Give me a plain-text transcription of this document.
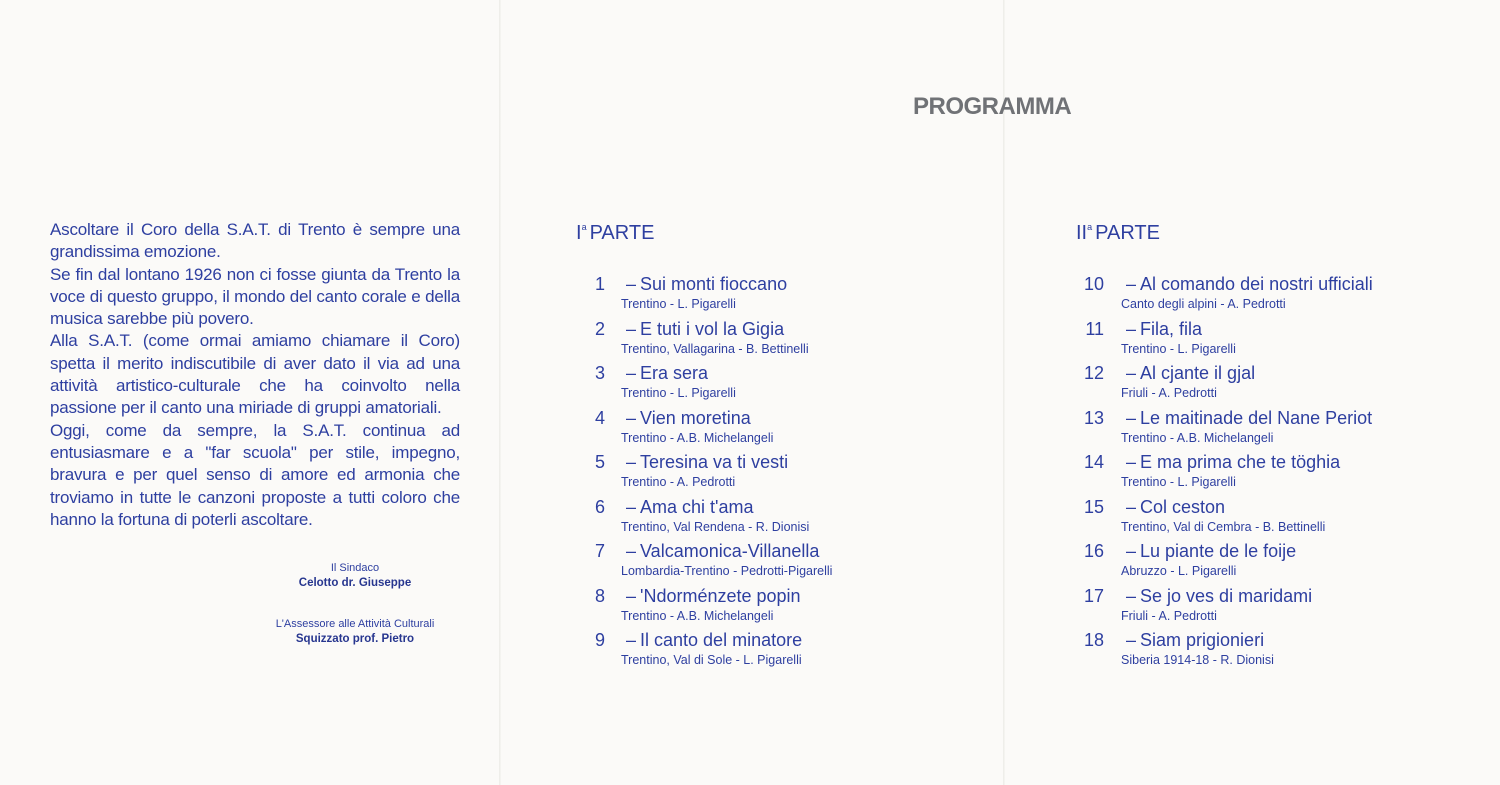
Ascoltare il Coro della S.A.T. di Trento è sempre una grandissima emozione.

Se fin dal lontano 1926 non ci fosse giunta da Trento la voce di questo gruppo, il mondo del canto corale e della musica sarebbe più povero.

Alla S.A.T. (come ormai amiamo chiamare il Coro) spetta il merito indiscutibile di aver dato il via ad una attività artistico-culturale che ha coinvolto nella passione per il canto una miriade di gruppi amatoriali.

Oggi, come da sempre, la S.A.T. continua ad entusiasmare e a "far scuola" per stile, impegno, bravura e per quel senso di amore ed armonia che troviamo in tutte le canzoni proposte a tutti coloro che hanno la fortuna di poterli ascoltare.

Il Sindaco
Celotto dr. Giuseppe
L'Assessore alle Attività Culturali
Squizzato prof. Pietro
PROGRAMMA
$I^a$ PARTE
1 – Sui monti fioccano
Trentino - L. Pigarelli
2 – E tuti i vol la Gigia
Trentino, Vallagarina - B. Bettinelli
3 – Era sera
Trentino - L. Pigarelli
4 – Vien moretina
Trentino - A.B. Michelangeli
5 – Teresina va ti vesti
Trentino - A. Pedrotti
6 – Ama chi t'ama
Trentino, Val Rendena - R. Dionisi
7 – Valcamonica-Villanella
Lombardia-Trentino - Pedrotti-Pigarelli
8 – 'Ndorménzete popin
Trentino - A.B. Michelangeli
9 – Il canto del minatore
Trentino, Val di Sole - L. Pigarelli
$II^a$ PARTE
10 – Al comando dei nostri ufficiali
Canto degli alpini - A. Pedrotti
11 – Fila, fila
Trentino - L. Pigarelli
12 – Al cjante il gjal
Friuli - A. Pedrotti
13 – Le maitinade del Nane Periot
Trentino - A.B. Michelangeli
14 – E ma prima che te töghia
Trentino - L. Pigarelli
15 – Col ceston
Trentino, Val di Cembra - B. Bettinelli
16 – Lu piante de le foije
Abruzzo - L. Pigarelli
17 – Se jo ves di maridami
Friuli - A. Pedrotti
18 – Siam prigionieri
Siberia 1914-18 - R. Dionisi
